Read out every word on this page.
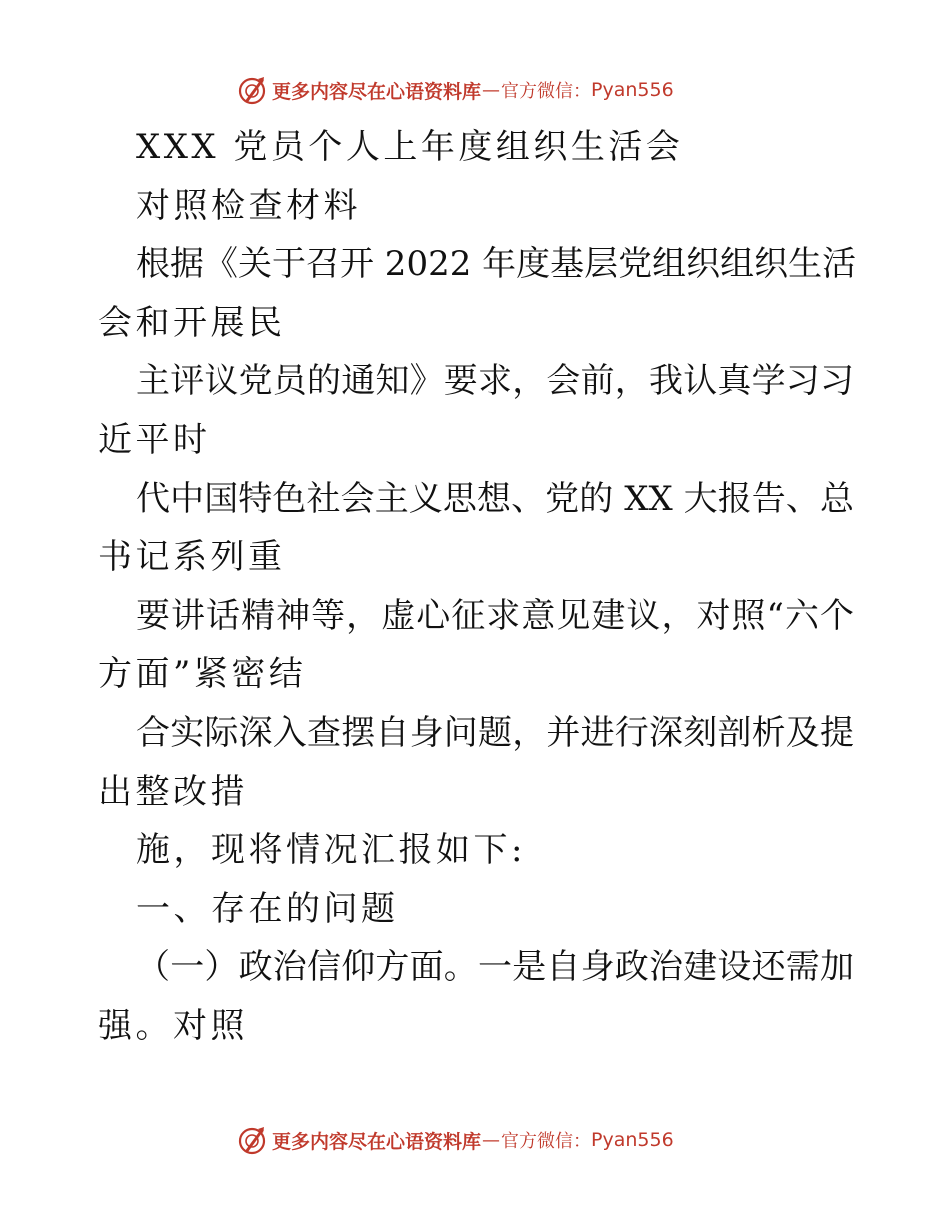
更多内容尽在心语资料库 — 官方微信： Pyan556
XXX 党员个人上年度组织生活会
对照检查材料
根据《关于召开 2022 年度基层党组织组织生活
会和开展民
主评议党员的通知》要求，会前，我认真学习习
近平时
代中国特色社会主义思想、党的 XX 大报告、总
书记系列重
要讲话精神等，虚心征求意见建议，对照“六个
方面”紧密结
合实际深入查摆自身问题，并进行深刻剖析及提
出整改措
施，现将情况汇报如下:
一、存在的问题
（一）政治信仰方面。一是自身政治建设还需加
强。对照
更多内容尽在心语资料库 — 官方微信： Pyan556
